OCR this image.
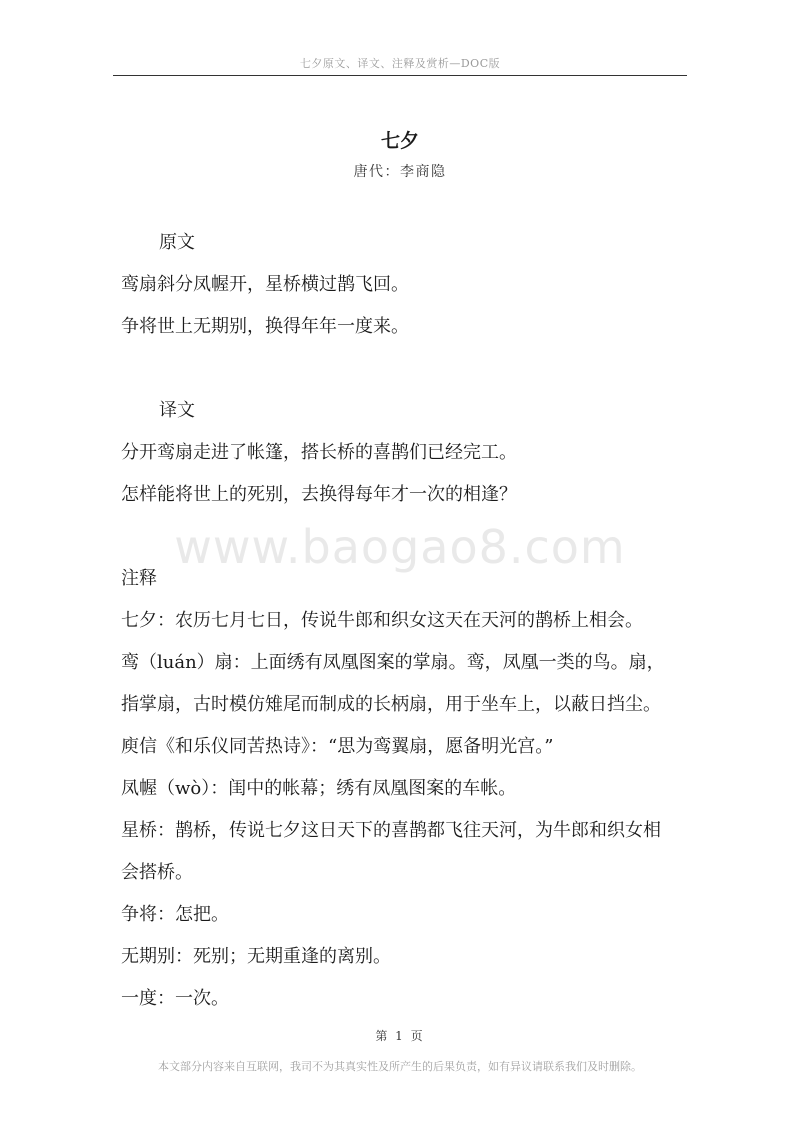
七夕原文、译文、注释及赏析—DOC版
www.baogao8.com
七夕
唐代：李商隐
原文
鸾扇斜分凤幄开，星桥横过鹊飞回。
争将世上无期别，换得年年一度来。
译文
分开鸾扇走进了帐篷，搭长桥的喜鹊们已经完工。
怎样能将世上的死别，去换得每年才一次的相逢？
注释
七夕：农历七月七日，传说牛郎和织女这天在天河的鹊桥上相会。
鸾（luán）扇：上面绣有凤凰图案的掌扇。鸾，凤凰一类的鸟。扇，
指掌扇，古时模仿雉尾而制成的长柄扇，用于坐车上，以蔽日挡尘。
庾信《和乐仪同苦热诗》：“思为鸾翼扇，愿备明光宫。”
凤幄（wò）：闺中的帐幕；绣有凤凰图案的车帐。
星桥：鹊桥，传说七夕这日天下的喜鹊都飞往天河，为牛郎和织女相
会搭桥。
争将：怎把。
无期别：死别；无期重逢的离别。
一度：一次。
第 1 页
本文部分内容来自互联网，我司不为其真实性及所产生的后果负责，如有异议请联系我们及时删除。
